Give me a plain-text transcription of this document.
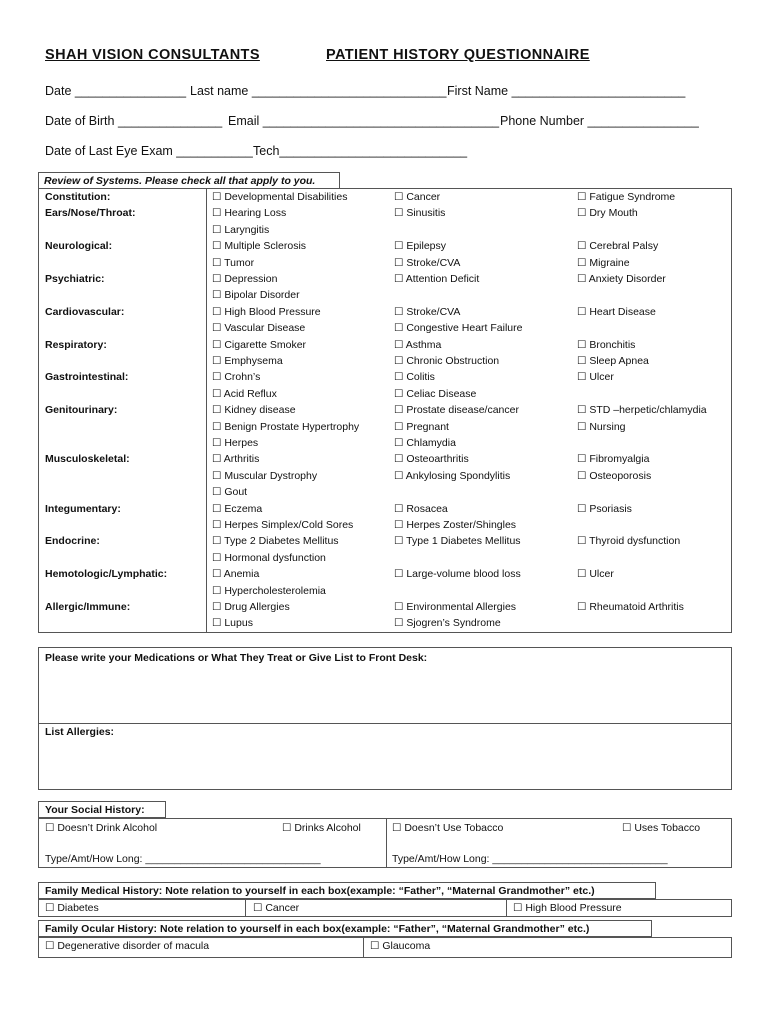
SHAH VISION CONSULTANTS	PATIENT HISTORY QUESTIONNAIRE
Date ________________ Last name ____________________________ First Name _________________________
Date of Birth _______________ Email __________________________________ Phone Number ________________
Date of Last Eye Exam ___________ Tech___________________________
Review of Systems. Please check all that apply to you.
Constitution:	☐ Developmental Disabilities	☐ Cancer	☐ Fatigue Syndrome
Ears/Nose/Throat:	☐ Hearing Loss	☐ Sinusitis	☐ Dry Mouth
☐ Laryngitis
Neurological:	☐ Multiple Sclerosis	☐ Epilepsy	☐ Cerebral Palsy
☐ Tumor	☐ Stroke/CVA	☐ Migraine
Psychiatric:	☐ Depression	☐ Attention Deficit	☐ Anxiety Disorder
☐ Bipolar Disorder
Cardiovascular:	☐ High Blood Pressure	☐ Stroke/CVA	☐ Heart Disease
☐ Vascular Disease	☐ Congestive Heart Failure
Respiratory:	☐ Cigarette Smoker	☐ Asthma	☐ Bronchitis
☐ Emphysema	☐ Chronic Obstruction	☐ Sleep Apnea
Gastrointestinal:	☐ Crohn’s	☐ Colitis	☐ Ulcer
☐ Acid Reflux	☐ Celiac Disease
Genitourinary:	☐ Kidney disease	☐ Prostate disease/cancer	☐ STD –herpetic/chlamydia
☐ Benign Prostate Hypertrophy	☐ Pregnant	☐ Nursing
☐ Herpes	☐ Chlamydia
Musculoskeletal:	☐ Arthritis	☐ Osteoarthritis	☐ Fibromyalgia
☐ Muscular Dystrophy	☐ Ankylosing Spondylitis	☐ Osteoporosis
☐ Gout
Integumentary:	☐ Eczema	☐ Rosacea	☐ Psoriasis
☐ Herpes Simplex/Cold Sores	☐ Herpes Zoster/Shingles
Endocrine:	☐ Type 2 Diabetes Mellitus	☐ Type 1 Diabetes Mellitus	☐ Thyroid dysfunction
☐ Hormonal dysfunction
Hemotologic/Lymphatic:	☐ Anemia	☐ Large-volume blood loss	☐ Ulcer
☐ Hypercholesterolemia
Allergic/Immune:	☐ Drug Allergies	☐ Environmental Allergies	☐ Rheumatoid Arthritis
☐ Lupus	☐ Sjogren’s Syndrome
Please write your Medications or What They Treat or Give List to Front Desk:
List Allergies:
Your Social History:
☐ Doesn’t Drink Alcohol	☐ Drinks Alcohol	☐ Doesn’t Use Tobacco	☐ Uses Tobacco
Type/Amt/How Long: ______________________________	Type/Amt/How Long: ______________________________
Family Medical History: Note relation to yourself in each box(example: “Father”, “Maternal Grandmother” etc.)
☐ Diabetes	☐ Cancer	☐ High Blood Pressure
Family Ocular History: Note relation to yourself in each box(example: “Father”, “Maternal Grandmother” etc.)
☐ Degenerative disorder of macula	☐ Glaucoma
